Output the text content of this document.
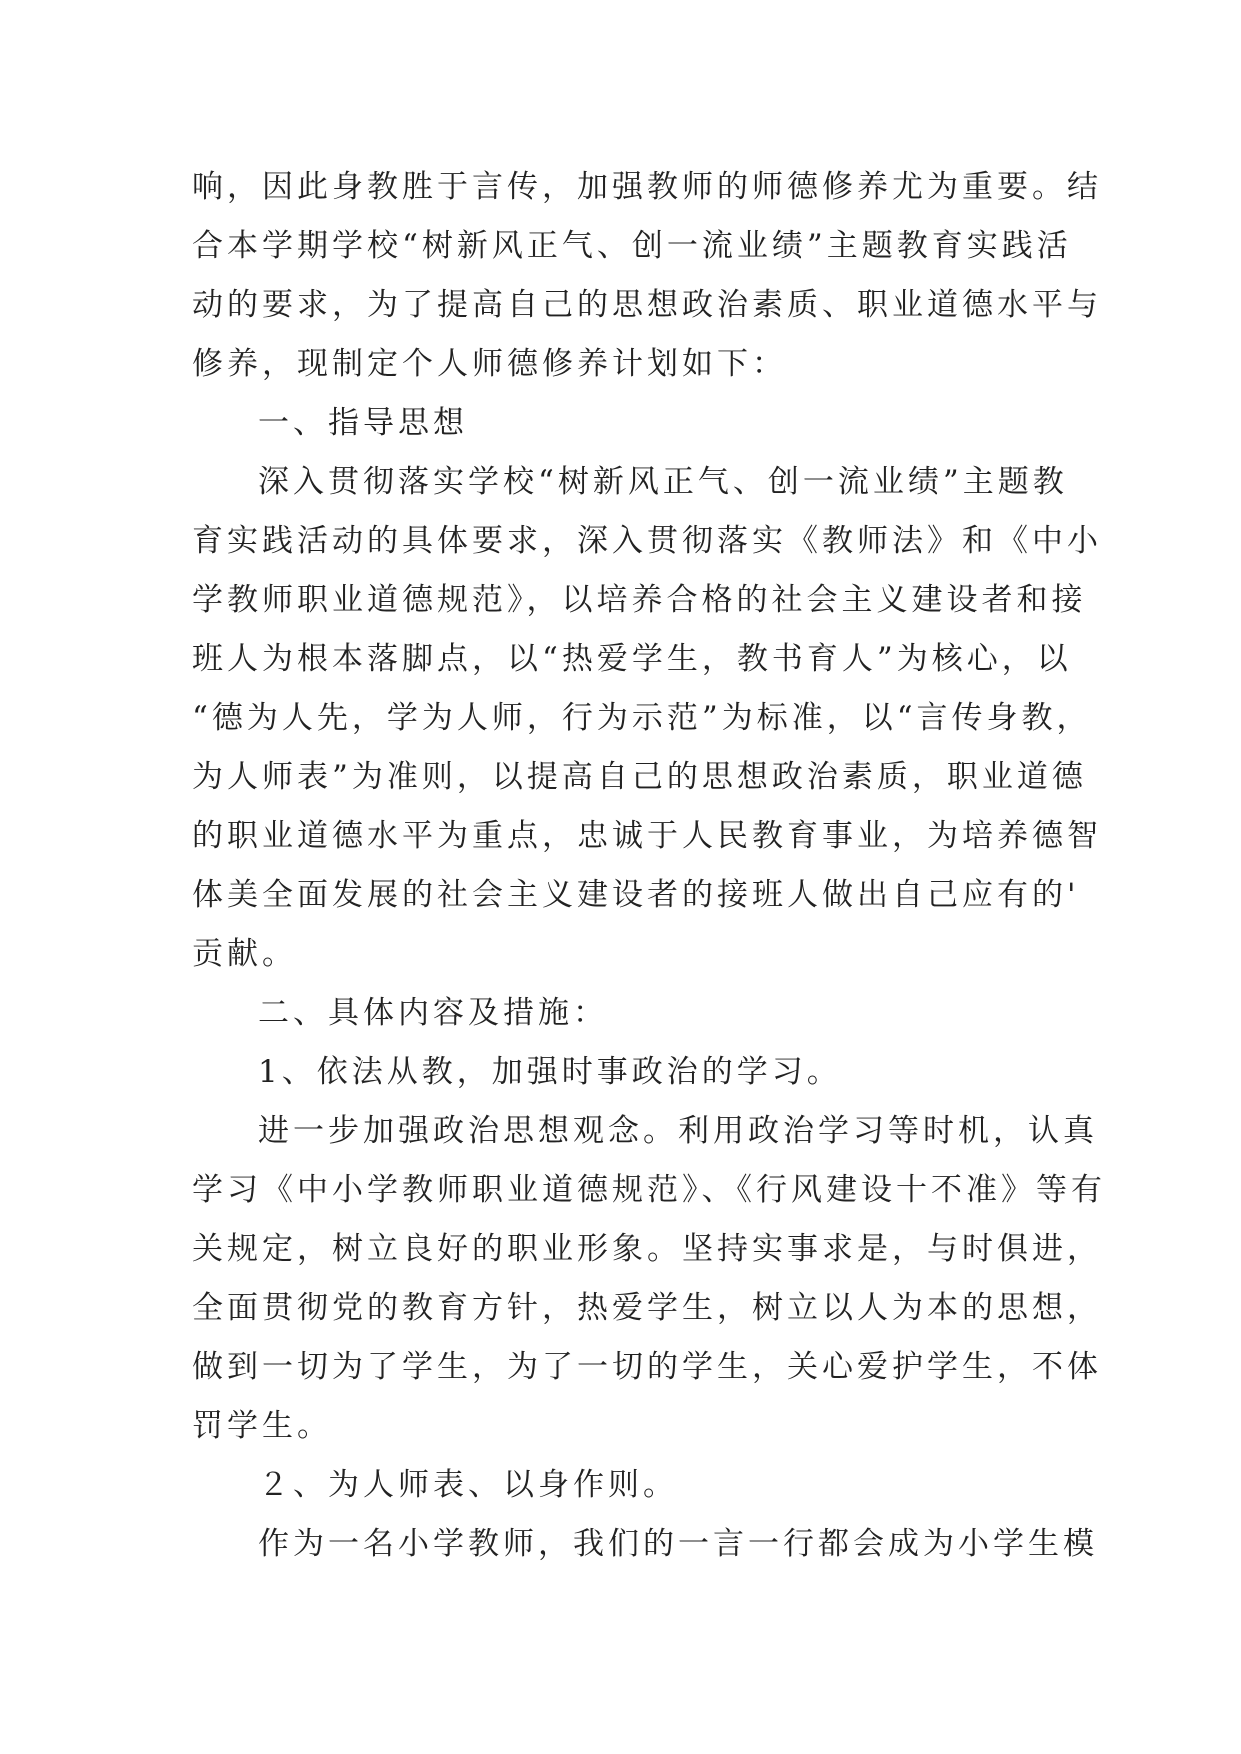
响，因此身教胜于言传，加强教师的师德修养尤为重要。结
合本学期学校“树新风正气、创一流业绩”主题教育实践活
动的要求，为了提高自己的思想政治素质、职业道德水平与
修养，现制定个人师德修养计划如下：
一、指导思想
深入贯彻落实学校“树新风正气、创一流业绩”主题教
育实践活动的具体要求，深入贯彻落实《教师法》和《中小
学教师职业道德规范》，以培养合格的社会主义建设者和接
班人为根本落脚点，以“热爱学生，教书育人”为核心，以
“德为人先，学为人师，行为示范”为标准，以“言传身教，
为人师表”为准则，以提高自己的思想政治素质，职业道德
的职业道德水平为重点，忠诚于人民教育事业，为培养德智
体美全面发展的社会主义建设者的接班人做出自己应有的'
贡献。
二、具体内容及措施：
1、依法从教，加强时事政治的学习。
进一步加强政治思想观念。利用政治学习等时机，认真
学习《中小学教师职业道德规范》、《行风建设十不准》等有
关规定，树立良好的职业形象。坚持实事求是，与时俱进，
全面贯彻党的教育方针，热爱学生，树立以人为本的思想，
做到一切为了学生，为了一切的学生，关心爱护学生，不体
罚学生。
２、为人师表、以身作则。
作为一名小学教师，我们的一言一行都会成为小学生模
